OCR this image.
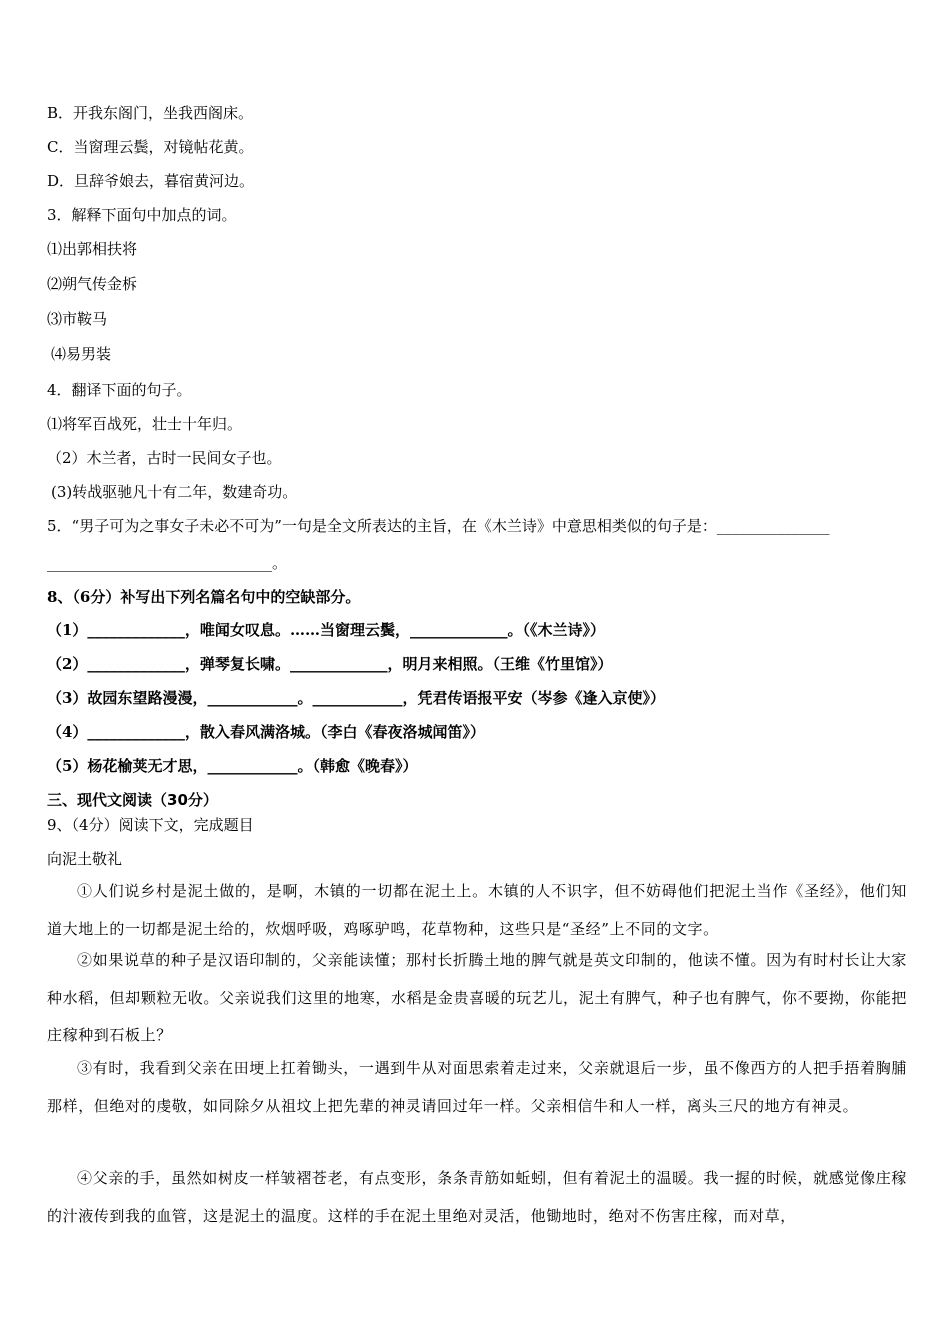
B．开我东阁门，坐我西阁床。
C．当窗理云鬓，对镜帖花黄。
D．旦辞爷娘去，暮宿黄河边。
3．解释下面句中加点的词。
⑴出郭相扶将
⑵朔气传金柝
⑶市鞍马
⑷易男装
4．翻译下面的句子。
⑴将军百战死，壮士十年归。
（2）木兰者，古时一民间女子也。
(3)转战驱驰凡十有二年，数建奇功。
5．“男子可为之事女子未必不可为”一句是全文所表达的主旨，在《木兰诗》中意思相类似的句子是：_______________
______________________________。
8、（6分）补写出下列名篇名句中的空缺部分。
（1）_____________，唯闻女叹息。……当窗理云鬓，_____________。（《木兰诗》）
（2）_____________，弹琴复长啸。_____________，明月来相照。（王维《竹里馆》）
（3）故园东望路漫漫，____________。____________，凭君传语报平安（岑参《逢入京使》）
（4）_____________，散入春风满洛城。（李白《春夜洛城闻笛》）
（5）杨花榆荚无才思，____________。（韩愈《晚春》）
三、现代文阅读（30分）
9、（4分）阅读下文，完成题目
向泥土敬礼
①人们说乡村是泥土做的，是啊，木镇的一切都在泥土上。木镇的人不识字，但不妨碍他们把泥土当作《圣经》，他们知道大地上的一切都是泥土给的，炊烟呼吸，鸡啄驴鸣，花草物种，这些只是“圣经”上不同的文字。
②如果说草的种子是汉语印制的，父亲能读懂；那村长折腾土地的脾气就是英文印制的，他读不懂。因为有时村长让大家种水稻，但却颗粒无收。父亲说我们这里的地寒，水稻是金贵喜暖的玩艺儿，泥土有脾气，种子也有脾气，你不要拗，你能把庄稼种到石板上？
③有时，我看到父亲在田埂上扛着锄头，一遇到牛从对面思索着走过来，父亲就退后一步，虽不像西方的人把手捂着胸脯那样，但绝对的虔敬，如同除夕从祖坟上把先辈的神灵请回过年一样。父亲相信牛和人一样，离头三尺的地方有神灵。
④父亲的手，虽然如树皮一样皱褶苍老，有点变形，条条青筋如蚯蚓，但有着泥土的温暖。我一握的时候，就感觉像庄稼的汁液传到我的血管，这是泥土的温度。这样的手在泥土里绝对灵活，他锄地时，绝对不伤害庄稼，而对草，
